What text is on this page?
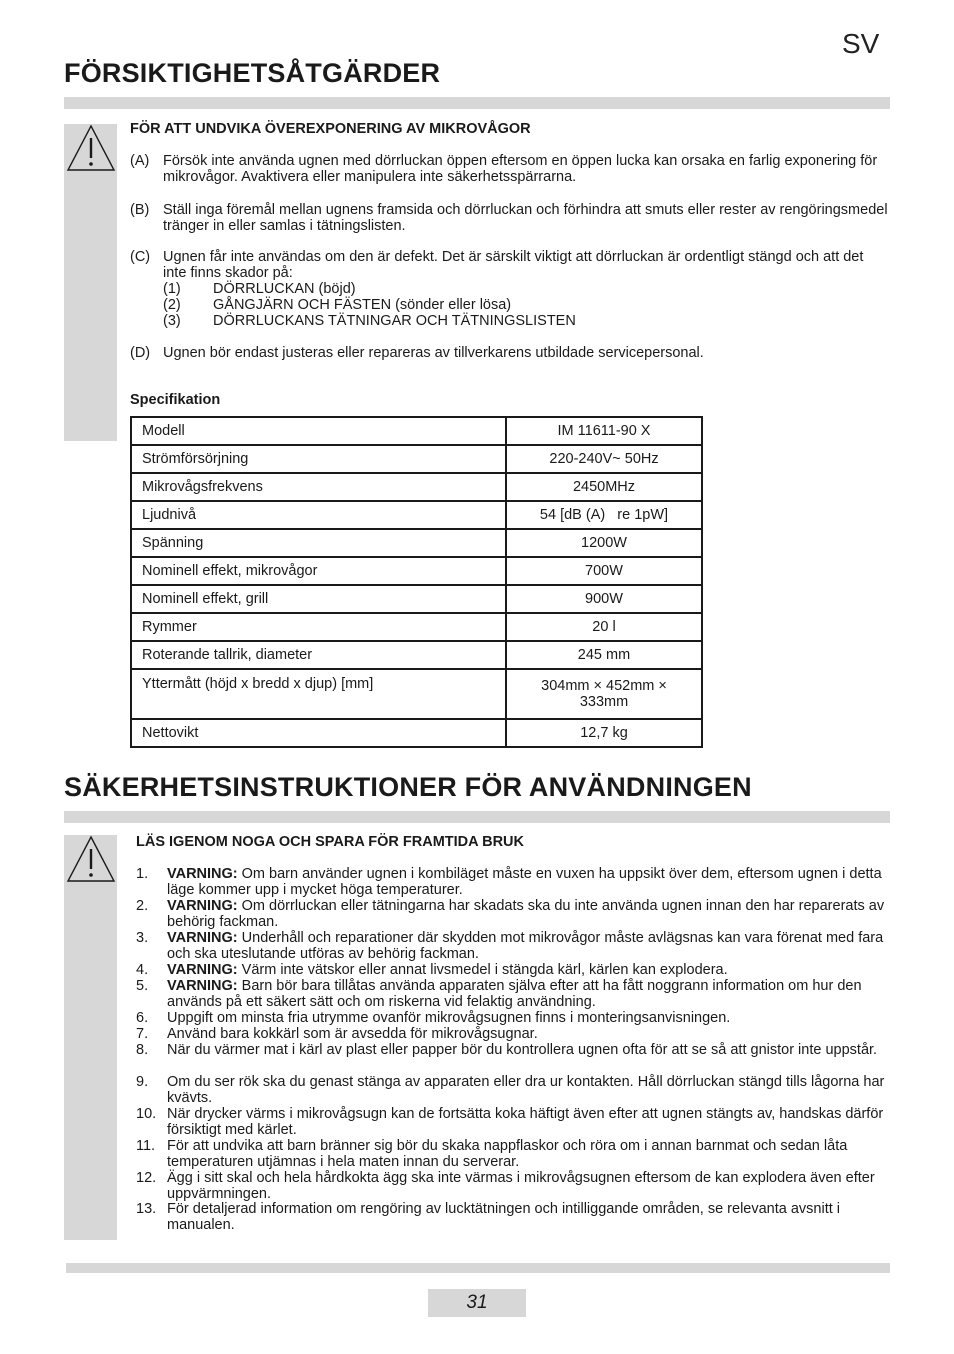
SV
FÖRSIKTIGHETSÅTGÄRDER
FÖR ATT UNDVIKA ÖVEREXPONERING AV MIKROVÅGOR
(A) Försök inte använda ugnen med dörrluckan öppen eftersom en öppen lucka kan orsaka en farlig exponering för mikrovågor. Avaktivera eller manipulera inte säkerhetsspärrarna.
(B) Ställ inga föremål mellan ugnens framsida och dörrluckan och förhindra att smuts eller rester av rengöringsmedel tränger in eller samlas i tätningslisten.
(C) Ugnen får inte användas om den är defekt. Det är särskilt viktigt att dörrluckan är ordentligt stängd och att det inte finns skador på:
(1) DÖRRLUCKAN (böjd)
(2) GÅNGJÄRN OCH FÄSTEN (sönder eller lösa)
(3) DÖRRLUCKANS TÄTNINGAR OCH TÄTNINGSLISTEN
(D) Ugnen bör endast justeras eller repareras av tillverkarens utbildade servicepersonal.
Specifikation
Modell	IM 11611-90 X
Strömförsörjning	220-240V~ 50Hz
Mikrovågsfrekvens	2450MHz
Ljudnivå	54 [dB (A)   re 1pW]
Spänning	1200W
Nominell effekt, mikrovågor	700W
Nominell effekt, grill	900W
Rymmer	20 l
Roterande tallrik, diameter	245 mm
Yttermått (höjd x bredd x djup) [mm]	304mm × 452mm × 333mm
Nettovikt	12,7 kg
SÄKERHETSINSTRUKTIONER FÖR ANVÄNDNINGEN
LÄS IGENOM NOGA OCH SPARA FÖR FRAMTIDA BRUK
1. VARNING: Om barn använder ugnen i kombiläget måste en vuxen ha uppsikt över dem, eftersom ugnen i detta läge kommer upp i mycket höga temperaturer.
2. VARNING: Om dörrluckan eller tätningarna har skadats ska du inte använda ugnen innan den har reparerats av behörig fackman.
3. VARNING: Underhåll och reparationer där skydden mot mikrovågor måste avlägsnas kan vara förenat med fara och ska uteslutande utföras av behörig fackman.
4. VARNING: Värm inte vätskor eller annat livsmedel i stängda kärl, kärlen kan explodera.
5. VARNING: Barn bör bara tillåtas använda apparaten själva efter att ha fått noggrann information om hur den används på ett säkert sätt och om riskerna vid felaktig användning.
6. Uppgift om minsta fria utrymme ovanför mikrovågsugnen finns i monteringsanvisningen.
7. Använd bara kokkärl som är avsedda för mikrovågsugnar.
8. När du värmer mat i kärl av plast eller papper bör du kontrollera ugnen ofta för att se så att gnistor inte uppstår.
9. Om du ser rök ska du genast stänga av apparaten eller dra ur kontakten. Håll dörrluckan stängd tills lågorna har kvävts.
10. När drycker värms i mikrovågsugn kan de fortsätta koka häftigt även efter att ugnen stängts av, handskas därför försiktigt med kärlet.
11. För att undvika att barn bränner sig bör du skaka nappflaskor och röra om i annan barnmat och sedan låta temperaturen utjämnas i hela maten innan du serverar.
12. Ägg i sitt skal och hela hårdkokta ägg ska inte värmas i mikrovågsugnen eftersom de kan explodera även efter uppvärmningen.
13. För detaljerad information om rengöring av lucktätningen och intilliggande områden, se relevanta avsnitt i manualen.
31
